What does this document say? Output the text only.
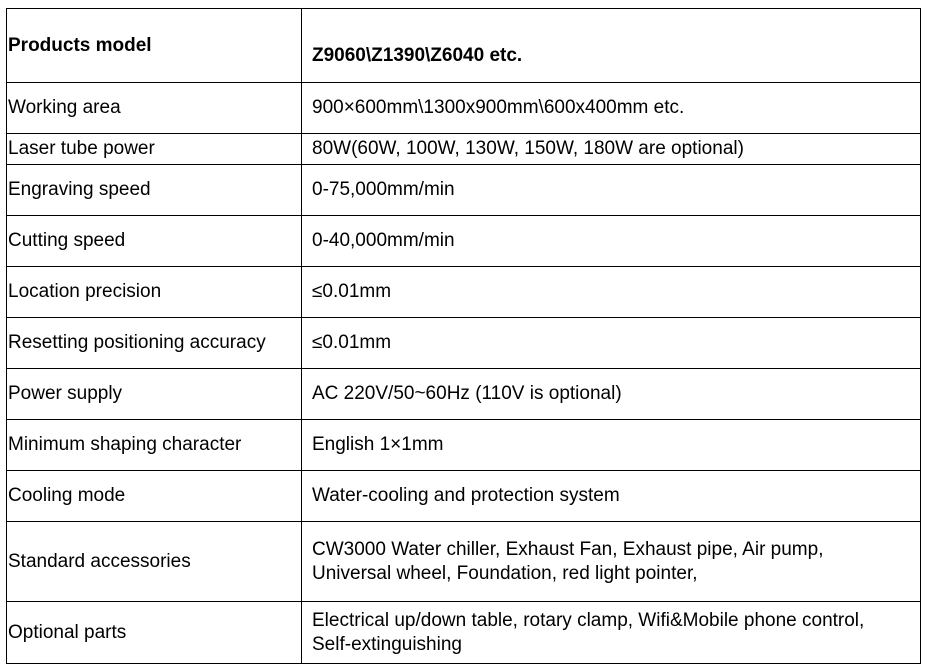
Products model	Z9060\Z1390\Z6040 etc.
Working area	900×600mm\1300x900mm\600x400mm etc.
Laser tube power	80W(60W, 100W, 130W, 150W, 180W are optional)
Engraving speed	0-75,000mm/min
Cutting speed	0-40,000mm/min
Location precision	≤0.01mm
Resetting positioning accuracy	≤0.01mm
Power supply	AC 220V/50~60Hz (110V is optional)
Minimum shaping character	English 1×1mm
Cooling mode	Water-cooling and protection system
Standard accessories	CW3000 Water chiller, Exhaust Fan, Exhaust pipe, Air pump,
Universal wheel, Foundation, red light pointer,

Optional parts	Electrical up/down table, rotary clamp, Wifi&Mobile phone control,
Self-extinguishing
